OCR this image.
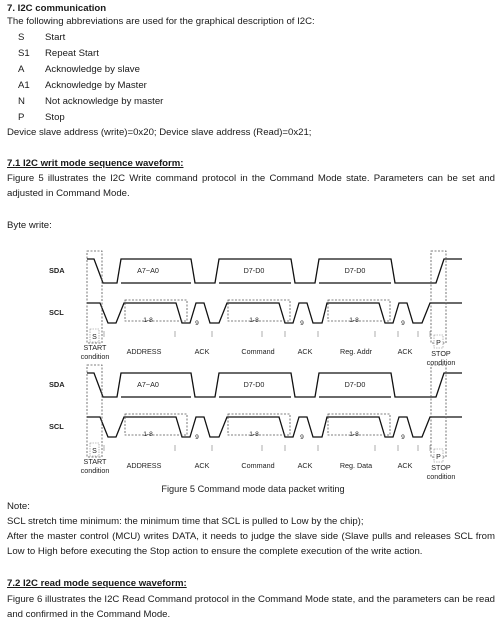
7. I2C communication
The following abbreviations are used for the graphical description of I2C:
S Start
S1 Repeat Start
A Acknowledge by slave
A1 Acknowledge by Master
N Not acknowledge by master
P Stop
Device slave address (write)=0x20; Device slave address (Read)=0x21;
7.1 I2C writ mode sequence waveform:
Figure 5 illustrates the I2C Write command protocol in the Command Mode state. Parameters can be set and adjusted in Command Mode.
Byte write:
SDA
SCL
A7~A0	D7-D0	D7-D0
1-8	1-8	1-8
9	9	9
S
P
START
condition	STOP
condition
ADDRESS	ACK	Command	ACK	Reg. Addr	ACK
SDA
SCL
A7~A0	D7-D0	D7-D0
1-8	1-8	1-8
9	9	9
S
P
START
condition	STOP
condition
ADDRESS	ACK	Command	ACK	Reg. Data	ACK
Figure 5 Command mode data packet writing
Note:
SCL stretch time minimum: the minimum time that SCL is pulled to Low by the chip);
After the master control (MCU) writes DATA, it needs to judge the slave side (Slave pulls and releases SCL from Low to High before executing the Stop action to ensure the complete execution of the write action.
7.2 I2C read mode sequence waveform:
Figure 6 illustrates the I2C Read Command protocol in the Command Mode state, and the parameters can be read and confirmed in the Command Mode.
